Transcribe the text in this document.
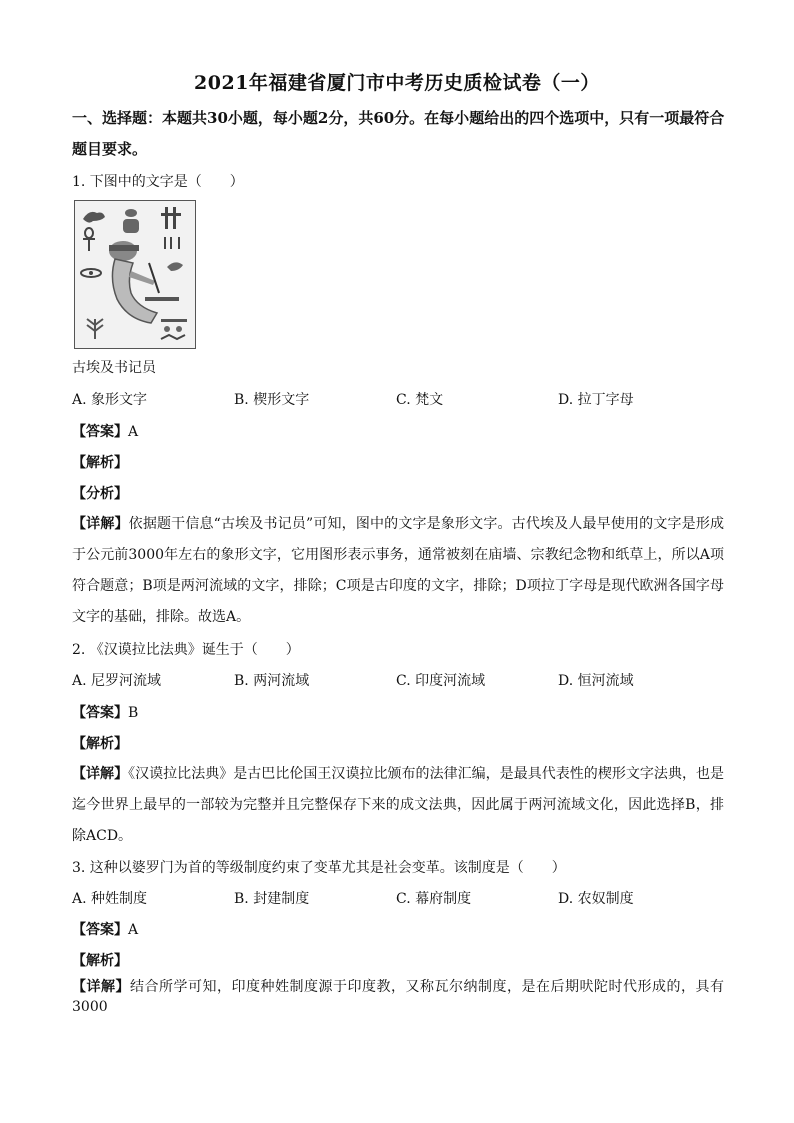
2021年福建省厦门市中考历史质检试卷（一）
一、选择题：本题共30小题，每小题2分，共60分。在每小题给出的四个选项中，只有一项最符合题目要求。
1. 下图中的文字是（　　）
古埃及书记员
A. 象形文字	B. 楔形文字	C. 梵文	D. 拉丁字母
【答案】A
【解析】
【分析】
【详解】依据题干信息“古埃及书记员”可知，图中的文字是象形文字。古代埃及人最早使用的文字是形成于公元前3000年左右的象形文字，它用图形表示事务，通常被刻在庙墙、宗教纪念物和纸草上，所以A项符合题意；B项是两河流域的文字，排除；C项是古印度的文字，排除；D项拉丁字母是现代欧洲各国字母文字的基础，排除。故选A。
2. 《汉谟拉比法典》诞生于（　　）
A. 尼罗河流域	B. 两河流域	C. 印度河流域	D. 恒河流域
【答案】B
【解析】
【详解】《汉谟拉比法典》是古巴比伦国王汉谟拉比颁布的法律汇编，是最具代表性的楔形文字法典，也是迄今世界上最早的一部较为完整并且完整保存下来的成文法典，因此属于两河流域文化，因此选择B，排除ACD。
3. 这种以婆罗门为首的等级制度约束了变革尤其是社会变革。该制度是（　　）
A. 种姓制度	B. 封建制度	C. 幕府制度	D. 农奴制度
【答案】A
【解析】
【详解】结合所学可知，印度种姓制度源于印度教，又称瓦尔纳制度，是在后期吠陀时代形成的，具有3000
